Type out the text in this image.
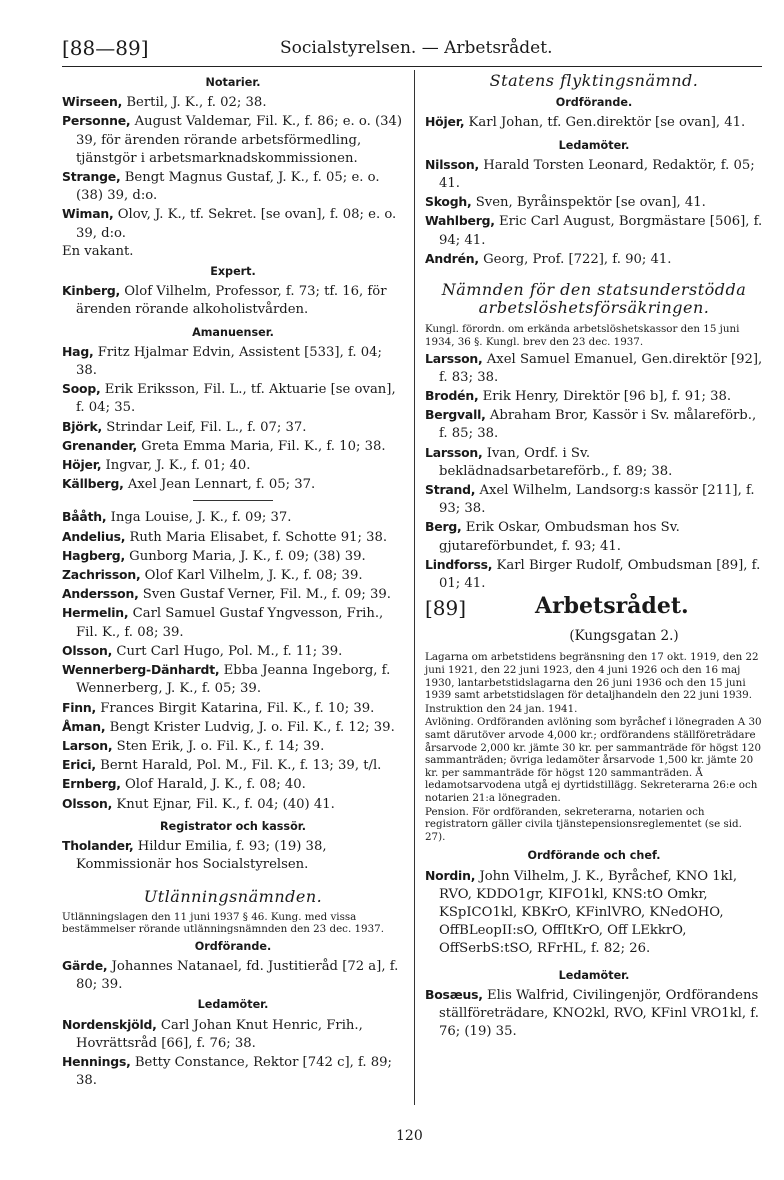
[88—89]	Socialstyrelsen. — Arbetsrådet.
Notarier.

Wirseen, Bertil, J. K., f. 02; 38.

Personne, August Valdemar, Fil. K., f. 86; e. o. (34) 39, för ärenden rörande arbetsförmedling, tjänstgör i arbetsmarknadskommissionen.

Strange, Bengt Magnus Gustaf, J. K., f. 05; e. o. (38) 39, d:o.

Wiman, Olov, J. K., tf. Sekret. [se ovan], f. 08; e. o. 39, d:o.

En vakant.

Expert.

Kinberg, Olof Vilhelm, Professor, f. 73; tf. 16, för ärenden rörande alkoholistvården.

Amanuenser.

Hag, Fritz Hjalmar Edvin, Assistent [533], f. 04; 38.

Soop, Erik Eriksson, Fil. L., tf. Aktuarie [se ovan], f. 04; 35.

Björk, Strindar Leif, Fil. L., f. 07; 37.

Grenander, Greta Emma Maria, Fil. K., f. 10; 38.

Höjer, Ingvar, J. K., f. 01; 40.

Källberg, Axel Jean Lennart, f. 05; 37.

Bååth, Inga Louise, J. K., f. 09; 37.

Andelius, Ruth Maria Elisabet, f. Schotte 91; 38.

Hagberg, Gunborg Maria, J. K., f. 09; (38) 39.

Zachrisson, Olof Karl Vilhelm, J. K., f. 08; 39.

Andersson, Sven Gustaf Verner, Fil. M., f. 09; 39.

Hermelin, Carl Samuel Gustaf Yngvesson, Frih., Fil. K., f. 08; 39.

Olsson, Curt Carl Hugo, Pol. M., f. 11; 39.

Wennerberg-Dänhardt, Ebba Jeanna Ingeborg, f. Wennerberg, J. K., f. 05; 39.

Finn, Frances Birgit Katarina, Fil. K., f. 10; 39.

Åman, Bengt Krister Ludvig, J. o. Fil. K., f. 12; 39.

Larson, Sten Erik, J. o. Fil. K., f. 14; 39.

Erici, Bernt Harald, Pol. M., Fil. K., f. 13; 39, t/l.

Ernberg, Olof Harald, J. K., f. 08; 40.

Olsson, Knut Ejnar, Fil. K., f. 04; (40) 41.

Registrator och kassör.

Tholander, Hildur Emilia, f. 93; (19) 38, Kommissionär hos Socialstyrelsen.

Utlänningsnämnden.

Utlänningslagen den 11 juni 1937 § 46. Kung. med vissa bestämmelser rörande utlänningsnämnden den 23 dec. 1937.

Ordförande.

Gärde, Johannes Natanael, fd. Justitieråd [72 a], f. 80; 39.

Ledamöter.

Nordenskjöld, Carl Johan Knut Henric, Frih., Hovrättsråd [66], f. 76; 38.

Hennings, Betty Constance, Rektor [742 c], f. 89; 38.

Statens flyktingsnämnd.
Ordförande.

Höjer, Karl Johan, tf. Gen.direktör [se ovan], 41.

Ledamöter.

Nilsson, Harald Torsten Leonard, Redaktör, f. 05; 41.

Skogh, Sven, Byråinspektör [se ovan], 41.

Wahlberg, Eric Carl August, Borgmästare [506], f. 94; 41.

Andrén, Georg, Prof. [722], f. 90; 41.

Nämnden för den statsunderstödda
arbetslöshetsförsäkringen.

Kungl. förordn. om erkända arbetslöshetskassor den 15 juni 1934, 36 §. Kungl. brev den 23 dec. 1937.

Larsson, Axel Samuel Emanuel, Gen.direktör [92], f. 83; 38.

Brodén, Erik Henry, Direktör [96 b], f. 91; 38.

Bergvall, Abraham Bror, Kassör i Sv. målareförb., f. 85; 38.

Larsson, Ivan, Ordf. i Sv. beklädnadsarbetareförb., f. 89; 38.

Strand, Axel Wilhelm, Landsorg:s kassör [211], f. 93; 38.

Berg, Erik Oskar, Ombudsman hos Sv. gjutareförbundet, f. 93; 41.

Lindforss, Karl Birger Rudolf, Ombudsman [89], f. 01; 41.

[89]	Arbetsrådet.
(Kungsgatan 2.)

Lagarna om arbetstidens begränsning den 17 okt. 1919, den 22 juni 1921, den 22 juni 1923, den 4 juni 1926 och den 16 maj 1930, lantarbetstidslagarna den 26 juni 1936 och den 15 juni 1939 samt arbetstidslagen för detaljhandeln den 22 juni 1939.

Instruktion den 24 jan. 1941.

Avlöning. Ordföranden avlöning som byråchef i lönegraden A 30 samt därutöver arvode 4,000 kr.; ordförandens ställföreträdare årsarvode 2,000 kr. jämte 30 kr. per sammanträde för högst 120 sammanträden; övriga ledamöter årsarvode 1,500 kr. jämte 20 kr. per sammanträde för högst 120 sammanträden. Å ledamotsarvodena utgå ej dyrtidstillägg. Sekreterarna 26:e och notarien 21:a lönegraden.

Pension. För ordföranden, sekreterarna, notarien och registratorn gäller civila tjänstepensionsreglementet (se sid. 27).

Ordförande och chef.

Nordin, John Vilhelm, J. K., Byråchef, KNO 1kl, RVO, KDDO1gr, KIFO1kl, KNS:tO Omkr, KSpICO1kl, KBKrO, KFinlVRO, KNedOHO, OffBLeopII:sO, OffItKrO, Off LEkkrO, OffSerbS:tSO, RFrHL, f. 82; 26.

Ledamöter.

Bosæus, Elis Walfrid, Civilingenjör, Ordförandens ställföreträdare, KNO2kl, RVO, KFinl VRO1kl, f. 76; (19) 35.

120
